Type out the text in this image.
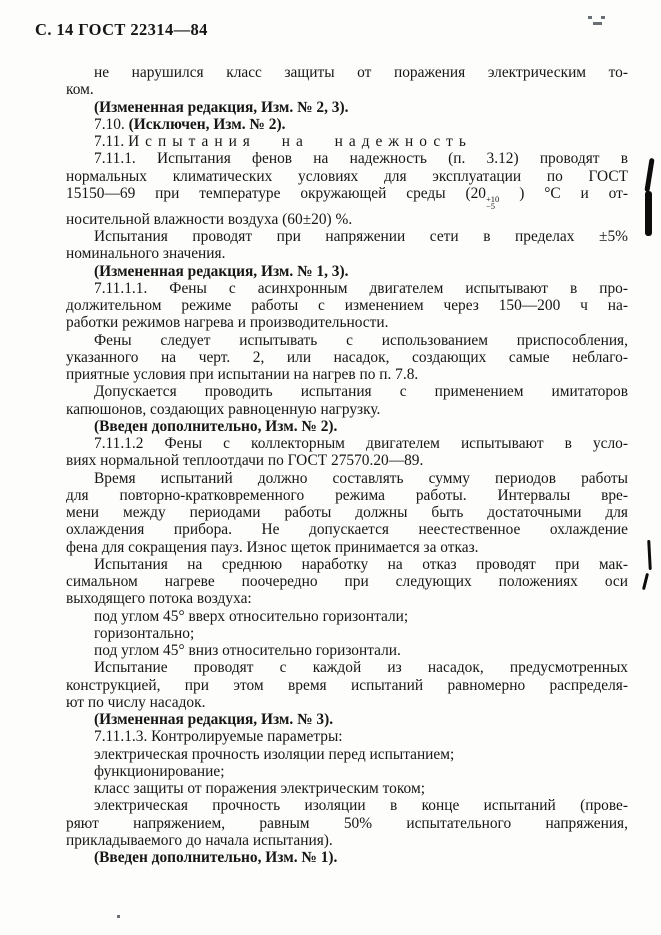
С. 14 ГОСТ 22314—84
не нарушился класс защиты от поражения электрическим то-
ком.
(Измененная редакция, Изм. № 2, 3).
7.10. (Исключен, Изм. № 2).
7.11. Испытания на надежность
7.11.1. Испытания фенов на надежность (п. 3.12) проводят в
нормальных климатических условиях для эксплуатации по ГОСТ
15150—69 при температуре окружающей среды (20 +10
−5
) °С и от-
носительной влажности воздуха (60±20) %.
Испытания проводят при напряжении сети в пределах ±5%
номинального значения.
(Измененная редакция, Изм. № 1, 3).
7.11.1.1. Фены с асинхронным двигателем испытывают в про-
должительном режиме работы с изменением через 150—200 ч на-
работки режимов нагрева и производительности.
Фены следует испытывать с использованием приспособления,
указанного на черт. 2, или насадок, создающих самые неблаго-
приятные условия при испытании на нагрев по п. 7.8.
Допускается проводить испытания с применением имитаторов
капюшонов, создающих равноценную нагрузку.
(Введен дополнительно, Изм. № 2).
7.11.1.2 Фены с коллекторным двигателем испытывают в усло-
виях нормальной теплоотдачи по ГОСТ 27570.20—89.
Время испытаний должно составлять сумму периодов работы
для повторно-кратковременного режима работы. Интервалы вре-
мени между периодами работы должны быть достаточными для
охлаждения прибора. Не допускается неестественное охлаждение
фена для сокращения пауз. Износ щеток принимается за отказ.
Испытания на среднюю наработку на отказ проводят при мак-
симальном нагреве поочередно при следующих положениях оси
выходящего потока воздуха:
под углом 45° вверх относительно горизонтали;
горизонтально;
под углом 45° вниз относительно горизонтали.
Испытание проводят с каждой из насадок, предусмотренных
конструкцией, при этом время испытаний равномерно распределя-
ют по числу насадок.
(Измененная редакция, Изм. № 3).
7.11.1.3. Контролируемые параметры:
электрическая прочность изоляции перед испытанием;
функционирование;
класс защиты от поражения электрическим током;
электрическая прочность изоляции в конце испытаний (прове-
ряют напряжением, равным 50% испытательного напряжения,
прикладываемого до начала испытания).
(Введен дополнительно, Изм. № 1).
